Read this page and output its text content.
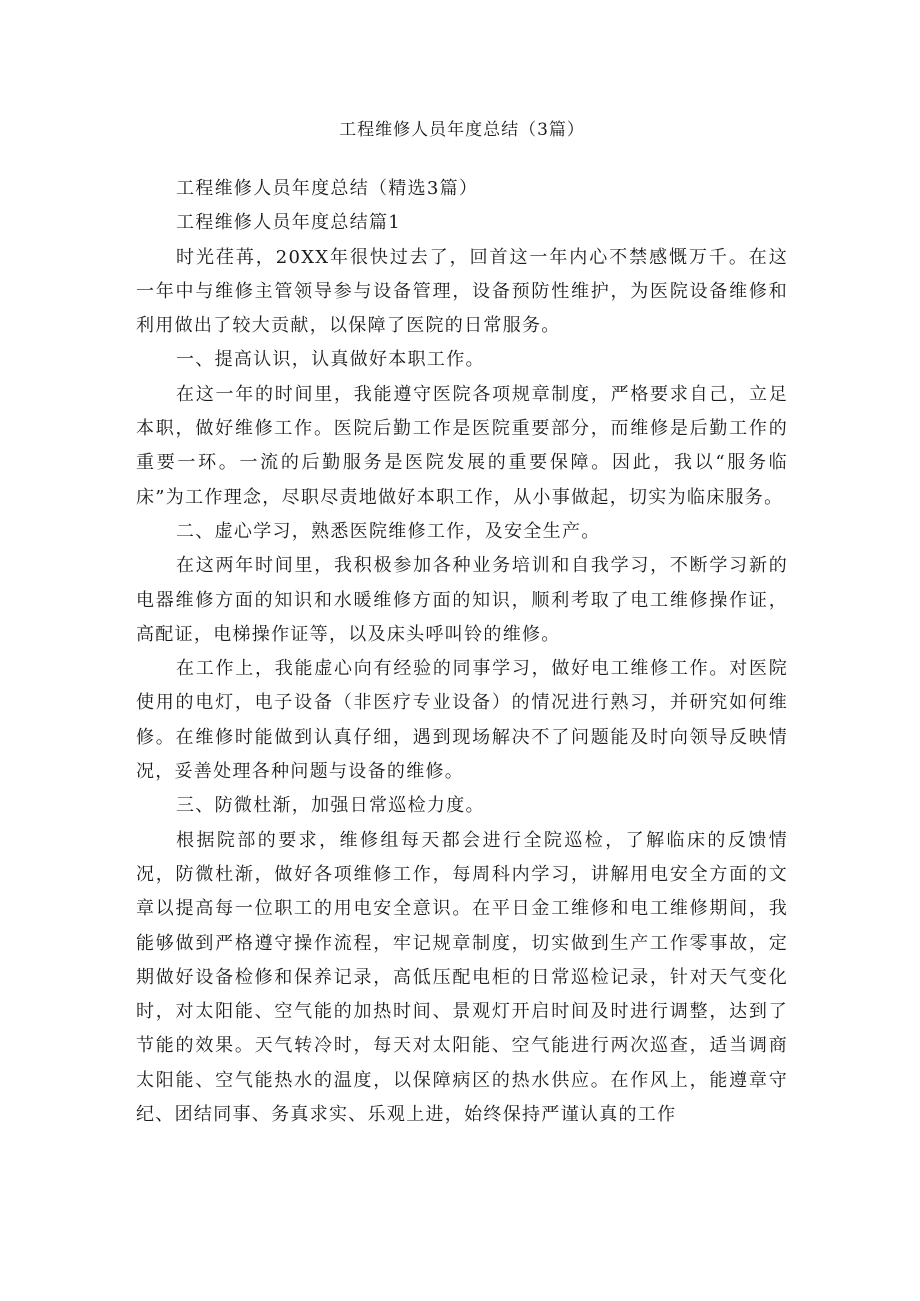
工程维修人员年度总结（3篇）

工程维修人员年度总结（精选3篇）

工程维修人员年度总结篇1

时光荏苒，20XX年很快过去了，回首这一年内心不禁感慨万千。在这一年中与维修主管领导参与设备管理，设备预防性维护，为医院设备维修和利用做出了较大贡献，以保障了医院的日常服务。

一、提高认识，认真做好本职工作。

在这一年的时间里，我能遵守医院各项规章制度，严格要求自己，立足本职，做好维修工作。医院后勤工作是医院重要部分，而维修是后勤工作的重要一环。一流的后勤服务是医院发展的重要保障。因此，我以“服务临床”为工作理念，尽职尽责地做好本职工作，从小事做起，切实为临床服务。

二、虚心学习，熟悉医院维修工作，及安全生产。

在这两年时间里，我积极参加各种业务培训和自我学习，不断学习新的电器维修方面的知识和水暖维修方面的知识，顺利考取了电工维修操作证，高配证，电梯操作证等，以及床头呼叫铃的维修。

在工作上，我能虚心向有经验的同事学习，做好电工维修工作。对医院使用的电灯，电子设备（非医疗专业设备）的情况进行熟习，并研究如何维修。在维修时能做到认真仔细，遇到现场解决不了问题能及时向领导反映情况，妥善处理各种问题与设备的维修。

三、防微杜渐，加强日常巡检力度。

根据院部的要求，维修组每天都会进行全院巡检，了解临床的反馈情况，防微杜渐，做好各项维修工作，每周科内学习，讲解用电安全方面的文章以提高每一位职工的用电安全意识。在平日金工维修和电工维修期间，我能够做到严格遵守操作流程，牢记规章制度，切实做到生产工作零事故，定期做好设备检修和保养记录，高低压配电柜的日常巡检记录，针对天气变化时，对太阳能、空气能的加热时间、景观灯开启时间及时进行调整，达到了节能的效果。天气转冷时，每天对太阳能、空气能进行两次巡查，适当调商太阳能、空气能热水的温度，以保障病区的热水供应。在作风上，能遵章守纪、团结同事、务真求实、乐观上进，始终保持严谨认真的工作
